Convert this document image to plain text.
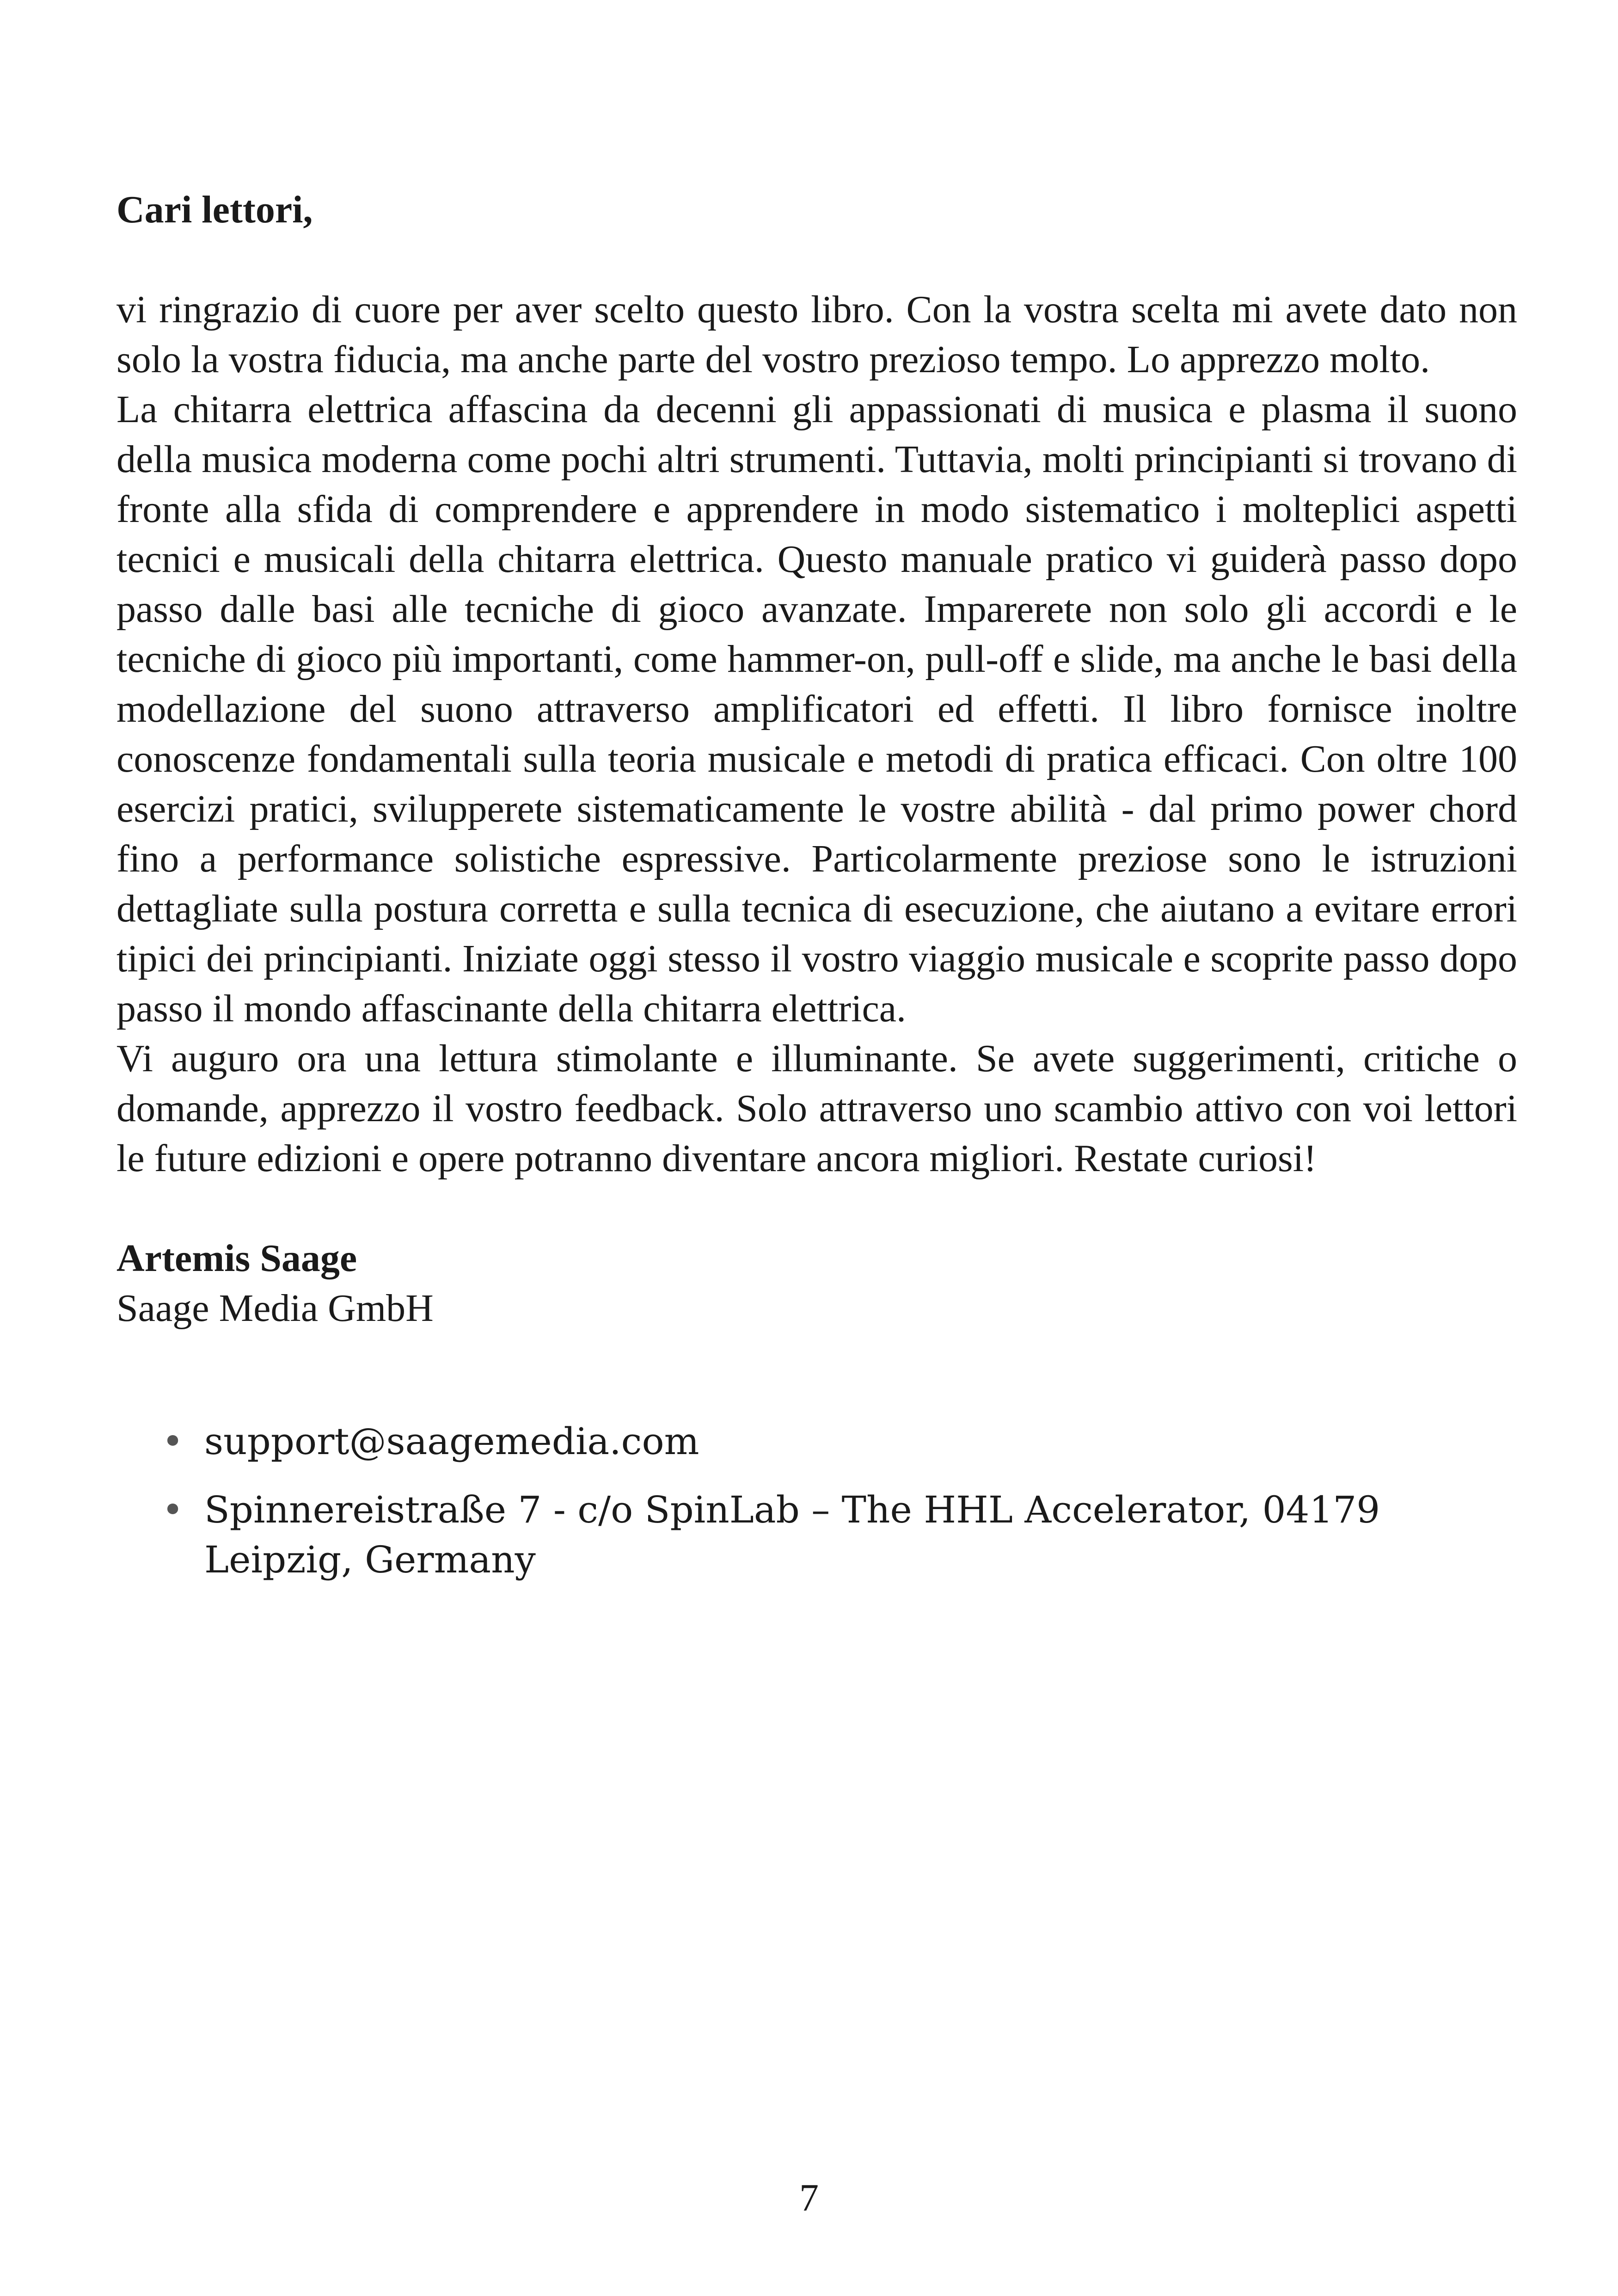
Cari lettori,

vi ringrazio di cuore per aver scelto questo libro. Con la vostra scelta mi avete dato non solo la vostra fiducia, ma anche parte del vostro prezioso tempo. Lo apprezzo molto.

La chitarra elettrica affascina da decenni gli appassionati di musica e plasma il suono della musica moderna come pochi altri strumenti. Tuttavia, molti principianti si trovano di fronte alla sfida di comprendere e apprendere in modo sistematico i molteplici aspetti tecnici e musicali della chitarra elettrica. Questo manuale pratico vi guiderà passo dopo passo dalle basi alle tecniche di gioco avanzate. Imparerete non solo gli accordi e le tecniche di gioco più importanti, come hammer-on, pull-off e slide, ma anche le basi della modellazione del suono attraverso amplificatori ed effetti. Il libro fornisce inoltre conoscenze fondamentali sulla teoria musicale e metodi di pratica efficaci. Con oltre 100 esercizi pratici, svilupperete sistematicamente le vostre abilità - dal primo power chord fino a performance solistiche espressive. Particolarmente preziose sono le istruzioni dettagliate sulla postura corretta e sulla tecnica di esecuzione, che aiutano a evitare errori tipici dei principianti. Iniziate oggi stesso il vostro viaggio musicale e scoprite passo dopo passo il mondo affascinante della chitarra elettrica.

Vi auguro ora una lettura stimolante e illuminante. Se avete suggerimenti, critiche o domande, apprezzo il vostro feedback. Solo attraverso uno scambio attivo con voi lettori le future edizioni e opere potranno diventare ancora migliori. Restate curiosi!

Artemis Saage
Saage Media GmbH
• support@saagemedia.com
• Spinnereistraße 7 - c/o SpinLab – The HHL Accelerator, 04179 Leipzig, Germany
7
